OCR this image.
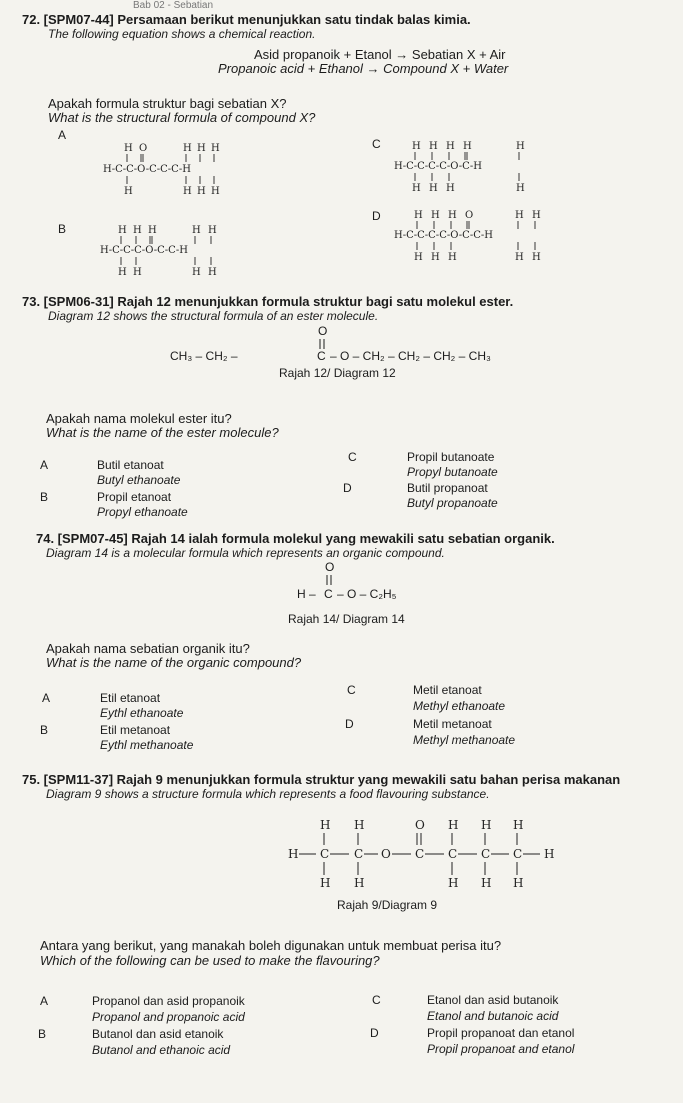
Bab 02 - Sebatian
72. [SPM07-44] Persamaan berikut menunjukkan satu tindak balas kimia.
The following equation shows a chemical reaction.
Asid propanoik + Etanol → Sebatian X + Air
Propanoic acid + Ethanol → Compound X + Water
Apakah formula struktur bagi sebatian X?
What is the structural formula of compound X?
A
H O	H H H
H-C-C-O-C-C-C-H
H	H H H
C	H H H H	H
H-C-C-C-C-O-C-H
H H H	H
B	H H H	H H
H-C-C-C-O-C-C-H
H H	H H
D	H H H O	H H
H-C-C-C-C-O-C-C-H
H H H	H H
73. [SPM06-31] Rajah 12 menunjukkan formula struktur bagi satu molekul ester.
Diagram 12 shows the structural formula of an ester molecule.
O
CH₃ – CH₂ –	C – O – CH₂ – CH₂ – CH₂ – CH₃
Rajah 12/ Diagram 12
Apakah nama molekul ester itu?
What is the name of the ester molecule?
A	Butil etanoat
Butyl ethanoate
B	Propil etanoat
Propyl ethanoate
C	Propil butanoate
Propyl butanoate
D	Butil propanoat
Butyl propanoate
74. [SPM07-45] Rajah 14 ialah formula molekul yang mewakili satu sebatian organik.
Diagram 14 is a molecular formula which represents an organic compound.
O
H – C – O – C₂H₅
Rajah 14/ Diagram 14
Apakah nama sebatian organik itu?
What is the name of the organic compound?
A	Etil etanoat
Eythl ethanoate
B	Etil metanoat
Eythl methanoate
C	Metil etanoat
Methyl ethanoate
D	Metil metanoat
Methyl methanoate
75. [SPM11-37] Rajah 9 menunjukkan formula struktur yang mewakili satu bahan perisa makanan
Diagram 9 shows a structure formula which represents a food flavouring substance.
H H	O H H H
H C C O C C C C H
H H	H H H
Rajah 9/Diagram 9
Antara yang berikut, yang manakah boleh digunakan untuk membuat perisa itu?
Which of the following can be used to make the flavouring?
A	Propanol dan asid propanoik
Propanol and propanoic acid
B	Butanol dan asid etanoik
Butanol and ethanoic acid
C	Etanol dan asid butanoik
Etanol and butanoic acid
D	Propil propanoat dan etanol
Propil propanoat and etanol
